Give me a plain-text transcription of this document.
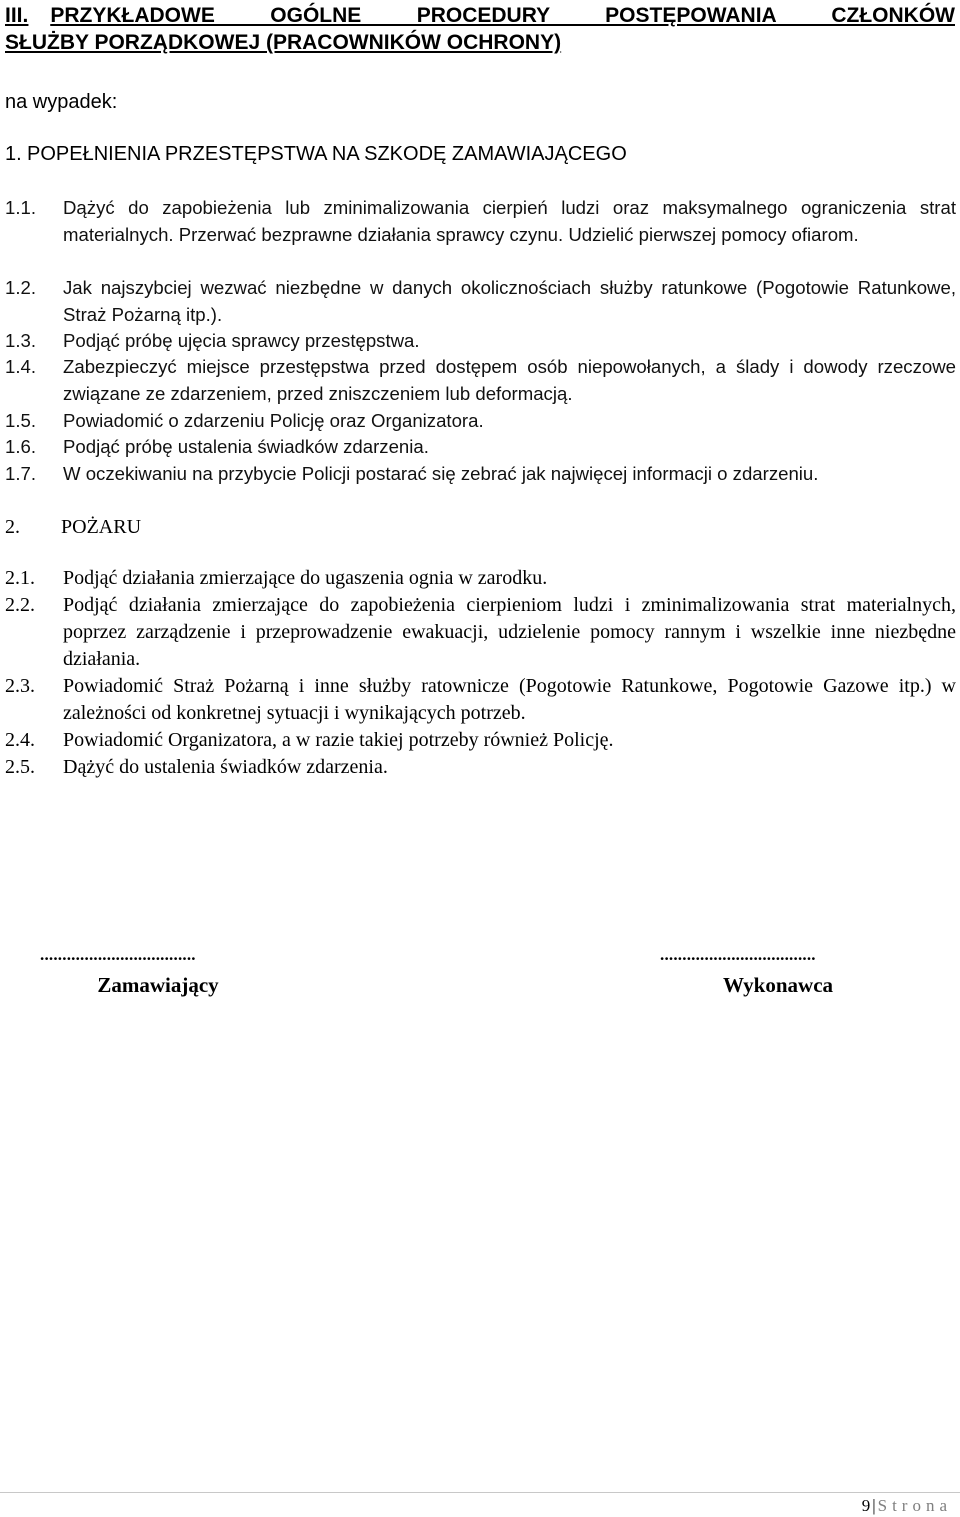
III. PRZYKŁADOWE OGÓLNE PROCEDURY POSTĘPOWANIA CZŁONKÓW
SŁUŻBY PORZĄDKOWEJ (PRACOWNIKÓW OCHRONY)
na wypadek:
1. POPEŁNIENIA PRZESTĘPSTWA NA SZKODĘ ZAMAWIAJĄCEGO
1.1.	Dążyć do zapobieżenia lub zminimalizowania cierpień ludzi oraz maksymalnego ograniczenia strat materialnych. Przerwać bezprawne działania sprawcy czynu. Udzielić pierwszej pomocy ofiarom.
1.2.	Jak najszybciej wezwać niezbędne w danych okolicznościach służby ratunkowe (Pogotowie Ratunkowe, Straż Pożarną itp.).
1.3.	Podjąć próbę ujęcia sprawcy przestępstwa.
1.4.	Zabezpieczyć miejsce przestępstwa przed dostępem osób niepowołanych, a ślady i dowody rzeczowe związane ze zdarzeniem, przed zniszczeniem lub deformacją.
1.5.	Powiadomić o zdarzeniu Policję oraz Organizatora.
1.6.	Podjąć próbę ustalenia świadków zdarzenia.
1.7.	W oczekiwaniu na przybycie Policji postarać się zebrać jak najwięcej informacji o zdarzeniu.
2. POŻARU
2.1.	Podjąć działania zmierzające do ugaszenia ognia w zarodku.
2.2.	Podjąć działania zmierzające do zapobieżenia cierpieniom ludzi i zminimalizowania strat materialnych, poprzez zarządzenie i przeprowadzenie ewakuacji, udzielenie pomocy rannym i wszelkie inne niezbędne działania.
2.3.	Powiadomić Straż Pożarną i inne służby ratownicze (Pogotowie Ratunkowe, Pogotowie Gazowe itp.) w zależności od konkretnej sytuacji i wynikających potrzeb.
2.4.	Powiadomić Organizatora, a w razie takiej potrzeby również Policję.
2.5.	Dążyć do ustalenia świadków zdarzenia.
...................................
Zamawiający
...................................
Wykonawca
9 | Strona
